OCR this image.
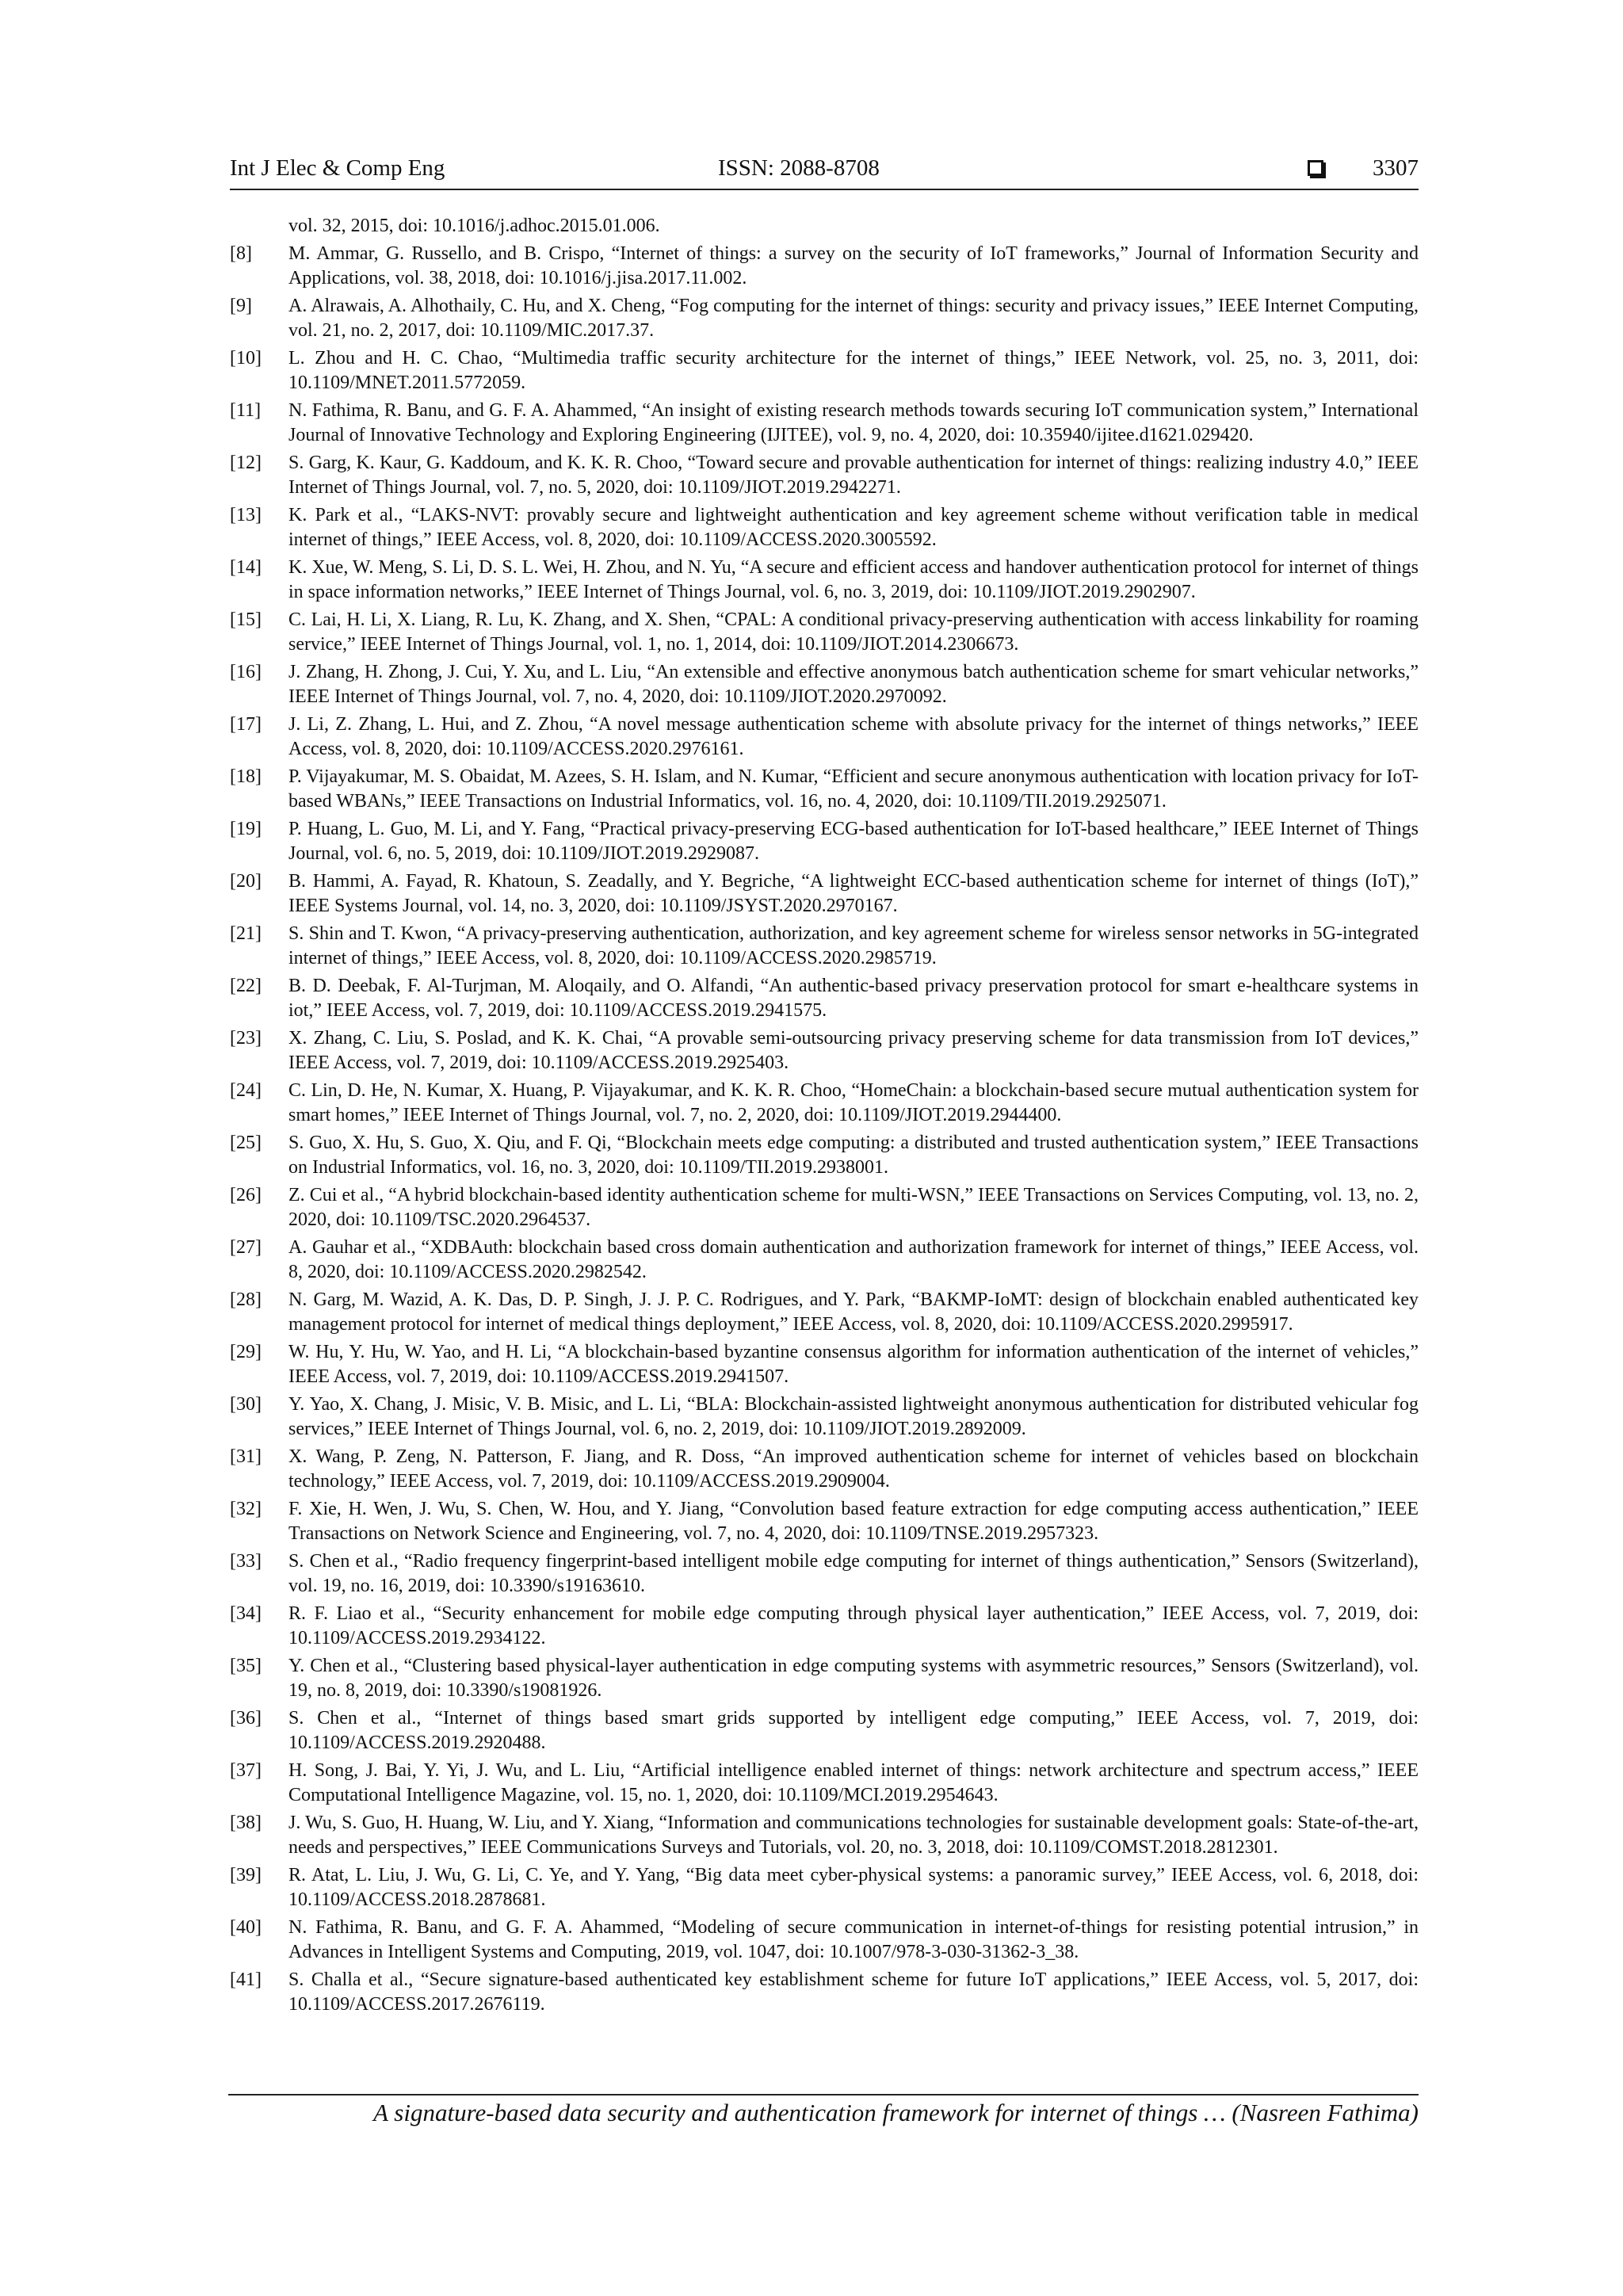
Int J Elec & Comp Eng	ISSN: 2088-8708	3307
vol. 32, 2015, doi: 10.1016/j.adhoc.2015.01.006.
[8] M. Ammar, G. Russello, and B. Crispo, “Internet of things: a survey on the security of IoT frameworks,” Journal of Information Security and Applications, vol. 38, 2018, doi: 10.1016/j.jisa.2017.11.002.
[9] A. Alrawais, A. Alhothaily, C. Hu, and X. Cheng, “Fog computing for the internet of things: security and privacy issues,” IEEE Internet Computing, vol. 21, no. 2, 2017, doi: 10.1109/MIC.2017.37.
[10] L. Zhou and H. C. Chao, “Multimedia traffic security architecture for the internet of things,” IEEE Network, vol. 25, no. 3, 2011, doi: 10.1109/MNET.2011.5772059.
[11] N. Fathima, R. Banu, and G. F. A. Ahammed, “An insight of existing research methods towards securing IoT communication system,” International Journal of Innovative Technology and Exploring Engineering (IJITEE), vol. 9, no. 4, 2020, doi: 10.35940/ijitee.d1621.029420.
[12] S. Garg, K. Kaur, G. Kaddoum, and K. K. R. Choo, “Toward secure and provable authentication for internet of things: realizing industry 4.0,” IEEE Internet of Things Journal, vol. 7, no. 5, 2020, doi: 10.1109/JIOT.2019.2942271.
[13] K. Park et al., “LAKS-NVT: provably secure and lightweight authentication and key agreement scheme without verification table in medical internet of things,” IEEE Access, vol. 8, 2020, doi: 10.1109/ACCESS.2020.3005592.
[14] K. Xue, W. Meng, S. Li, D. S. L. Wei, H. Zhou, and N. Yu, “A secure and efficient access and handover authentication protocol for internet of things in space information networks,” IEEE Internet of Things Journal, vol. 6, no. 3, 2019, doi: 10.1109/JIOT.2019.2902907.
[15] C. Lai, H. Li, X. Liang, R. Lu, K. Zhang, and X. Shen, “CPAL: A conditional privacy-preserving authentication with access linkability for roaming service,” IEEE Internet of Things Journal, vol. 1, no. 1, 2014, doi: 10.1109/JIOT.2014.2306673.
[16] J. Zhang, H. Zhong, J. Cui, Y. Xu, and L. Liu, “An extensible and effective anonymous batch authentication scheme for smart vehicular networks,” IEEE Internet of Things Journal, vol. 7, no. 4, 2020, doi: 10.1109/JIOT.2020.2970092.
[17] J. Li, Z. Zhang, L. Hui, and Z. Zhou, “A novel message authentication scheme with absolute privacy for the internet of things networks,” IEEE Access, vol. 8, 2020, doi: 10.1109/ACCESS.2020.2976161.
[18] P. Vijayakumar, M. S. Obaidat, M. Azees, S. H. Islam, and N. Kumar, “Efficient and secure anonymous authentication with location privacy for IoT-based WBANs,” IEEE Transactions on Industrial Informatics, vol. 16, no. 4, 2020, doi: 10.1109/TII.2019.2925071.
[19] P. Huang, L. Guo, M. Li, and Y. Fang, “Practical privacy-preserving ECG-based authentication for IoT-based healthcare,” IEEE Internet of Things Journal, vol. 6, no. 5, 2019, doi: 10.1109/JIOT.2019.2929087.
[20] B. Hammi, A. Fayad, R. Khatoun, S. Zeadally, and Y. Begriche, “A lightweight ECC-based authentication scheme for internet of things (IoT),” IEEE Systems Journal, vol. 14, no. 3, 2020, doi: 10.1109/JSYST.2020.2970167.
[21] S. Shin and T. Kwon, “A privacy-preserving authentication, authorization, and key agreement scheme for wireless sensor networks in 5G-integrated internet of things,” IEEE Access, vol. 8, 2020, doi: 10.1109/ACCESS.2020.2985719.
[22] B. D. Deebak, F. Al-Turjman, M. Aloqaily, and O. Alfandi, “An authentic-based privacy preservation protocol for smart e-healthcare systems in iot,” IEEE Access, vol. 7, 2019, doi: 10.1109/ACCESS.2019.2941575.
[23] X. Zhang, C. Liu, S. Poslad, and K. K. Chai, “A provable semi-outsourcing privacy preserving scheme for data transmission from IoT devices,” IEEE Access, vol. 7, 2019, doi: 10.1109/ACCESS.2019.2925403.
[24] C. Lin, D. He, N. Kumar, X. Huang, P. Vijayakumar, and K. K. R. Choo, “HomeChain: a blockchain-based secure mutual authentication system for smart homes,” IEEE Internet of Things Journal, vol. 7, no. 2, 2020, doi: 10.1109/JIOT.2019.2944400.
[25] S. Guo, X. Hu, S. Guo, X. Qiu, and F. Qi, “Blockchain meets edge computing: a distributed and trusted authentication system,” IEEE Transactions on Industrial Informatics, vol. 16, no. 3, 2020, doi: 10.1109/TII.2019.2938001.
[26] Z. Cui et al., “A hybrid blockchain-based identity authentication scheme for multi-WSN,” IEEE Transactions on Services Computing, vol. 13, no. 2, 2020, doi: 10.1109/TSC.2020.2964537.
[27] A. Gauhar et al., “XDBAuth: blockchain based cross domain authentication and authorization framework for internet of things,” IEEE Access, vol. 8, 2020, doi: 10.1109/ACCESS.2020.2982542.
[28] N. Garg, M. Wazid, A. K. Das, D. P. Singh, J. J. P. C. Rodrigues, and Y. Park, “BAKMP-IoMT: design of blockchain enabled authenticated key management protocol for internet of medical things deployment,” IEEE Access, vol. 8, 2020, doi: 10.1109/ACCESS.2020.2995917.
[29] W. Hu, Y. Hu, W. Yao, and H. Li, “A blockchain-based byzantine consensus algorithm for information authentication of the internet of vehicles,” IEEE Access, vol. 7, 2019, doi: 10.1109/ACCESS.2019.2941507.
[30] Y. Yao, X. Chang, J. Misic, V. B. Misic, and L. Li, “BLA: Blockchain-assisted lightweight anonymous authentication for distributed vehicular fog services,” IEEE Internet of Things Journal, vol. 6, no. 2, 2019, doi: 10.1109/JIOT.2019.2892009.
[31] X. Wang, P. Zeng, N. Patterson, F. Jiang, and R. Doss, “An improved authentication scheme for internet of vehicles based on blockchain technology,” IEEE Access, vol. 7, 2019, doi: 10.1109/ACCESS.2019.2909004.
[32] F. Xie, H. Wen, J. Wu, S. Chen, W. Hou, and Y. Jiang, “Convolution based feature extraction for edge computing access authentication,” IEEE Transactions on Network Science and Engineering, vol. 7, no. 4, 2020, doi: 10.1109/TNSE.2019.2957323.
[33] S. Chen et al., “Radio frequency fingerprint-based intelligent mobile edge computing for internet of things authentication,” Sensors (Switzerland), vol. 19, no. 16, 2019, doi: 10.3390/s19163610.
[34] R. F. Liao et al., “Security enhancement for mobile edge computing through physical layer authentication,” IEEE Access, vol. 7, 2019, doi: 10.1109/ACCESS.2019.2934122.
[35] Y. Chen et al., “Clustering based physical-layer authentication in edge computing systems with asymmetric resources,” Sensors (Switzerland), vol. 19, no. 8, 2019, doi: 10.3390/s19081926.
[36] S. Chen et al., “Internet of things based smart grids supported by intelligent edge computing,” IEEE Access, vol. 7, 2019, doi: 10.1109/ACCESS.2019.2920488.
[37] H. Song, J. Bai, Y. Yi, J. Wu, and L. Liu, “Artificial intelligence enabled internet of things: network architecture and spectrum access,” IEEE Computational Intelligence Magazine, vol. 15, no. 1, 2020, doi: 10.1109/MCI.2019.2954643.
[38] J. Wu, S. Guo, H. Huang, W. Liu, and Y. Xiang, “Information and communications technologies for sustainable development goals: State-of-the-art, needs and perspectives,” IEEE Communications Surveys and Tutorials, vol. 20, no. 3, 2018, doi: 10.1109/COMST.2018.2812301.
[39] R. Atat, L. Liu, J. Wu, G. Li, C. Ye, and Y. Yang, “Big data meet cyber-physical systems: a panoramic survey,” IEEE Access, vol. 6, 2018, doi: 10.1109/ACCESS.2018.2878681.
[40] N. Fathima, R. Banu, and G. F. A. Ahammed, “Modeling of secure communication in internet-of-things for resisting potential intrusion,” in Advances in Intelligent Systems and Computing, 2019, vol. 1047, doi: 10.1007/978-3-030-31362-3_38.
[41] S. Challa et al., “Secure signature-based authenticated key establishment scheme for future IoT applications,” IEEE Access, vol. 5, 2017, doi: 10.1109/ACCESS.2017.2676119.
A signature-based data security and authentication framework for internet of things … (Nasreen Fathima)
